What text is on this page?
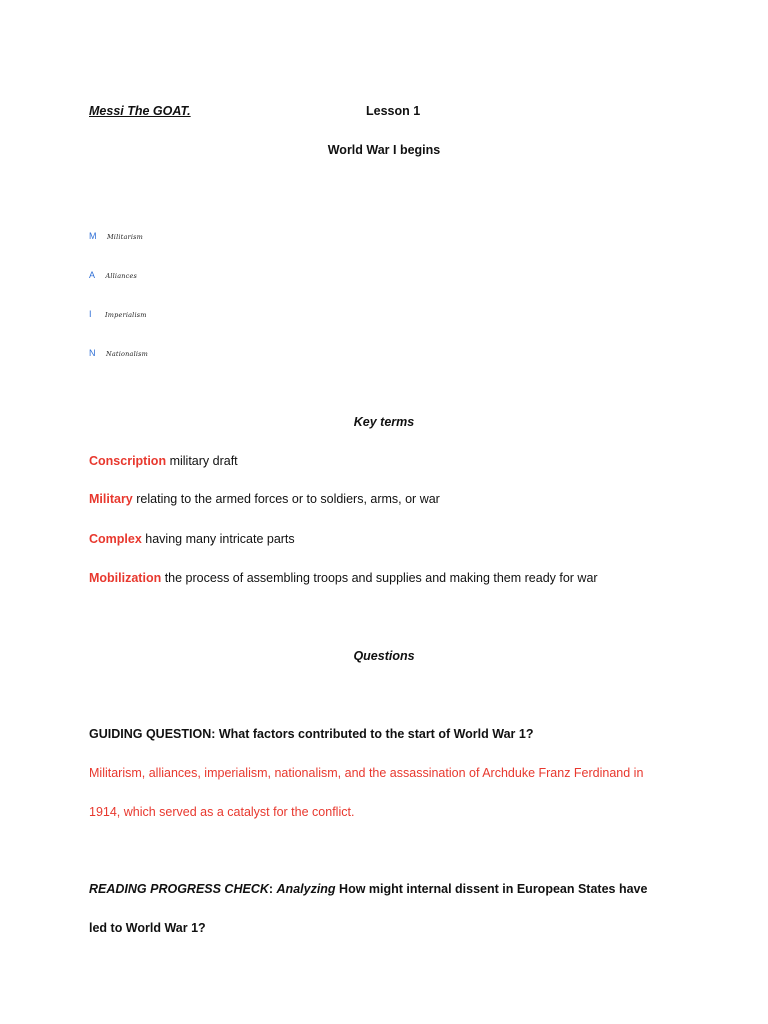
Messi The GOAT.	Lesson 1
World War I begins
M Militarism
A Alliances
I Imperialism
N Nationalism
Key terms
Conscription military draft
Military relating to the armed forces or to soldiers, arms, or war
Complex having many intricate parts
Mobilization the process of assembling troops and supplies and making them ready for war
Questions
GUIDING QUESTION: What factors contributed to the start of World War 1?
Militarism, alliances, imperialism, nationalism, and the assassination of Archduke Franz Ferdinand in
1914, which served as a catalyst for the conflict.
READING PROGRESS CHECK: Analyzing How might internal dissent in European States have
led to World War 1?
